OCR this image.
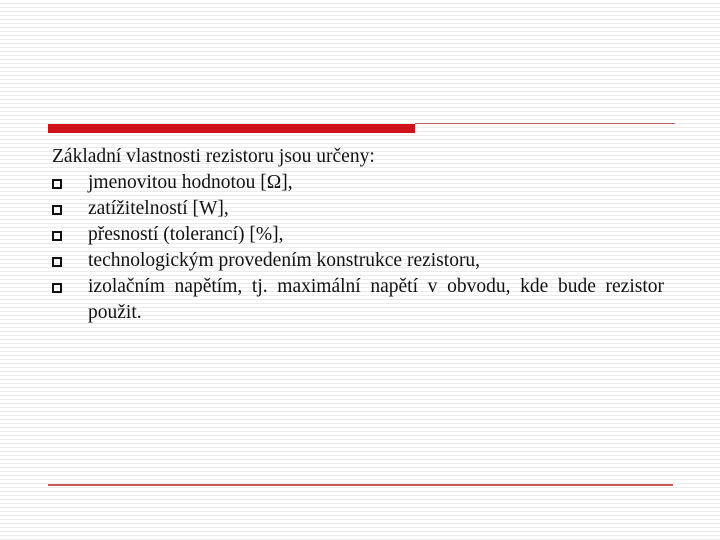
Základní vlastnosti rezistoru jsou určeny:

jmenovitou hodnotou [Ω],
zatížitelností [W],
přesností (tolerancí) [%],
technologickým provedením konstrukce rezistoru,
izolačním napětím, tj. maximální napětí v obvodu, kde bude rezistor použit.
